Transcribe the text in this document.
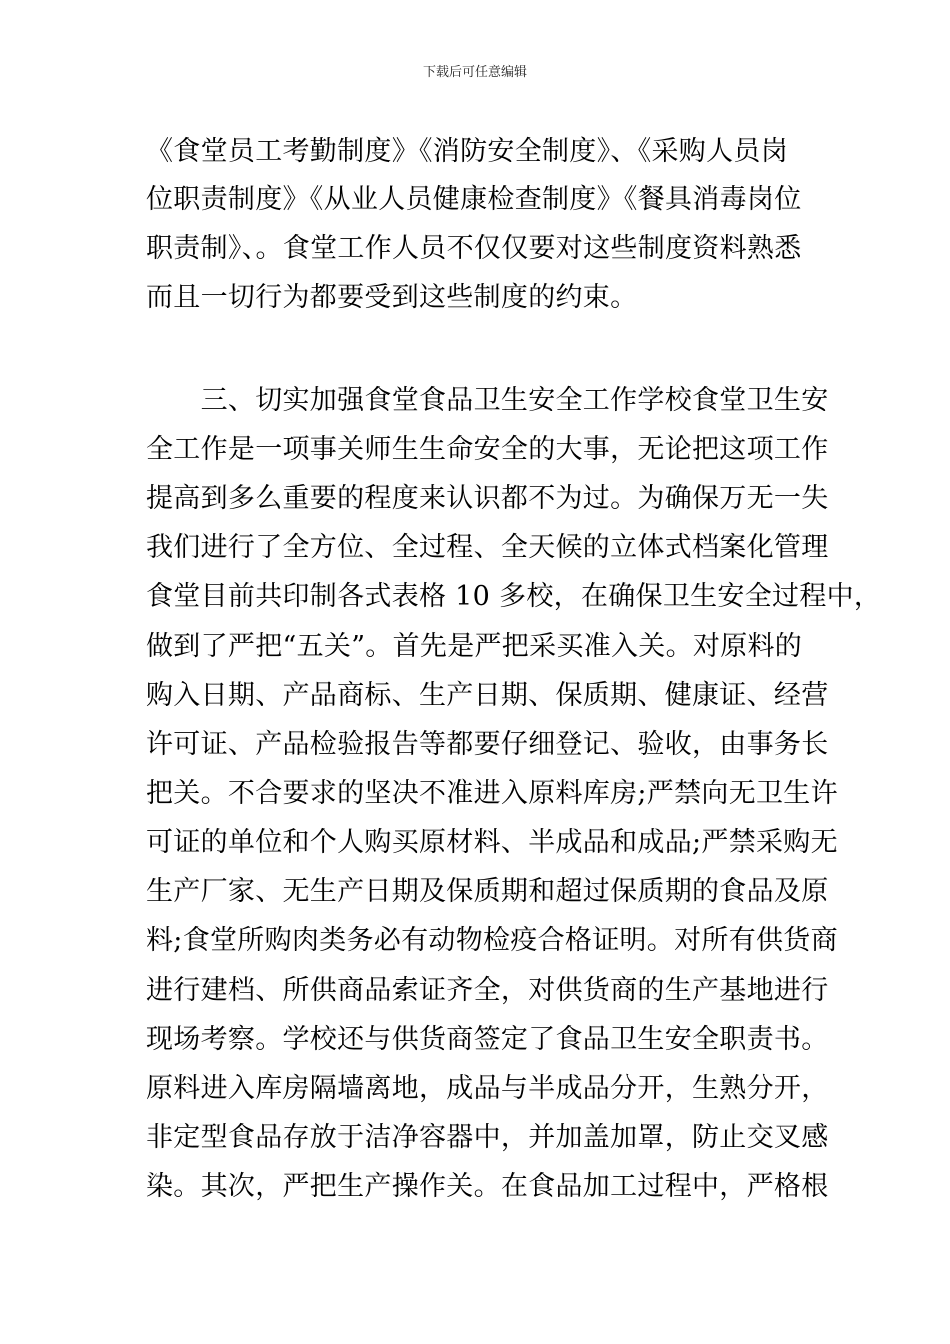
下载后可任意编辑
《食堂员工考勤制度》《消防安全制度》、《采购人员岗
位职责制度》《从业人员健康检查制度》《餐具消毒岗位
职责制》、。食堂工作人员不仅仅要对这些制度资料熟悉
而且一切行为都要受到这些制度的约束。
　　三、切实加强食堂食品卫生安全工作学校食堂卫生安
全工作是一项事关师生生命安全的大事，无论把这项工作
提高到多么重要的程度来认识都不为过。为确保万无一失
我们进行了全方位、全过程、全天候的立体式档案化管理
食堂目前共印制各式表格 10 多校，在确保卫生安全过程中，
做到了严把“五关”。首先是严把采买准入关。对原料的
购入日期、产品商标、生产日期、保质期、健康证、经营
许可证、产品检验报告等都要仔细登记、验收，由事务长
把关。不合要求的坚决不准进入原料库房;严禁向无卫生许
可证的单位和个人购买原材料、半成品和成品;严禁采购无
生产厂家、无生产日期及保质期和超过保质期的食品及原
料;食堂所购肉类务必有动物检疫合格证明。对所有供货商
进行建档、所供商品索证齐全，对供货商的生产基地进行
现场考察。学校还与供货商签定了食品卫生安全职责书。
原料进入库房隔墙离地，成品与半成品分开，生熟分开，
非定型食品存放于洁净容器中，并加盖加罩，防止交叉感
染。其次，严把生产操作关。在食品加工过程中，严格根
